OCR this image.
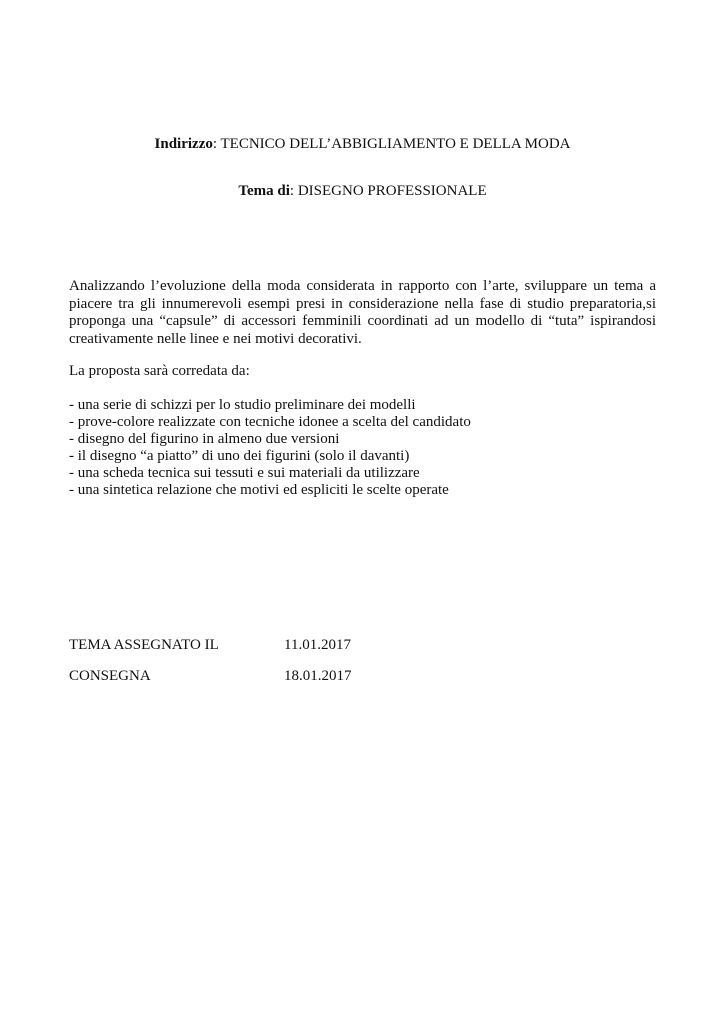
Indirizzo: TECNICO DELL’ABBIGLIAMENTO E DELLA MODA
Tema di: DISEGNO PROFESSIONALE
Analizzando l’evoluzione della moda considerata in rapporto con l’arte, sviluppare un tema a
piacere tra gli innumerevoli esempi presi in considerazione nella fase di studio preparatoria,si
proponga una “capsule” di accessori femminili coordinati ad un modello di “tuta” ispirandosi
creativamente nelle linee e nei motivi decorativi.
La proposta sarà corredata da:
- una serie di schizzi per lo studio preliminare dei modelli
- prove-colore realizzate con tecniche idonee a scelta del candidato
- disegno del figurino in almeno due versioni
- il disegno “a piatto” di uno dei figurini (solo il davanti)
- una scheda tecnica sui tessuti e sui materiali da utilizzare
- una sintetica relazione che motivi ed espliciti le scelte operate
TEMA ASSEGNATO IL	11.01.2017
CONSEGNA	18.01.2017
